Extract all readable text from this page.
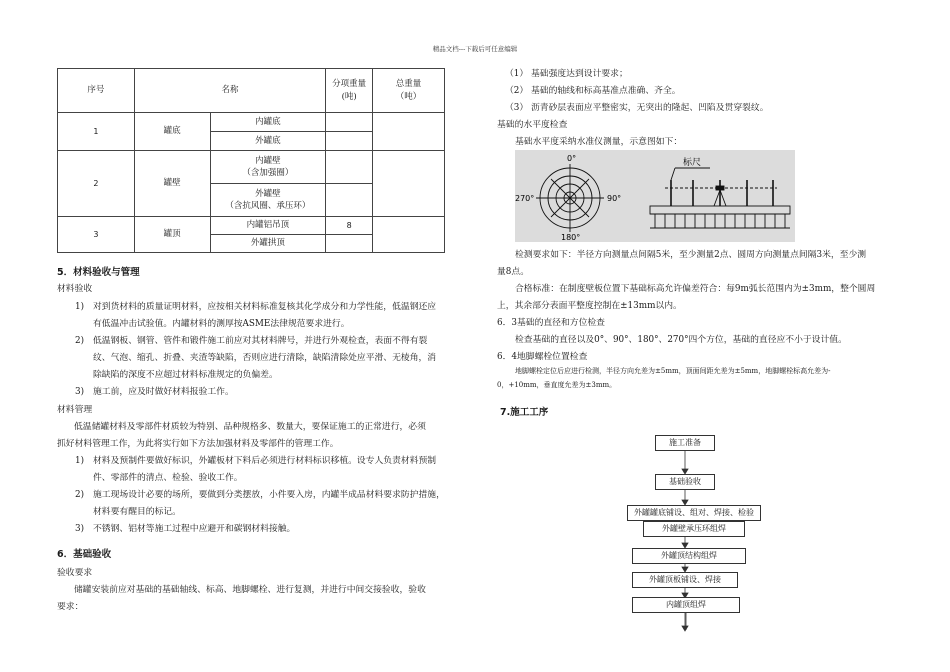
精品文档---下载后可任意编辑
序号	名称		分项重量
(吨)	总重量
（吨）
1	罐底	内罐底		
		外罐底		
2	罐壁	内罐壁
（含加强圈）		
		外罐壁
（含抗风圈、承压环）		
3	罐顶	内罐铝吊顶	8	
		外罐拱顶		
5．材料验收与管理
材料验收
1) 对到货材料的质量证明材料，应按相关材料标准复核其化学成分和力学性能，低温钢还应
有低温冲击试验值。内罐材料的测厚按ASME法律规范要求进行。
2) 低温钢板、钢管、管件和锻件施工前应对其材料牌号，并进行外观检查，表面不得有裂
纹、气泡、缩孔、折叠、夹渣等缺陷，否则应进行清除，缺陷清除处应平滑、无棱角，消
除缺陷的深度不应超过材料标准规定的负偏差。
3) 施工前，应及时做好材料报验工作。
材料管理
低温储罐材料及零部件材质较为特别、品种规格多、数量大，要保证施工的正常进行，必须
抓好材料管理工作，为此将实行如下方法加强材料及零部件的管理工作。
1) 材料及预制件要做好标识，外罐板材下料后必须进行材料标识移植。设专人负责材料预制
件、零部件的清点、检验、验收工作。
2) 施工现场设计必要的场所，要做到分类摆放，小件要入房，内罐半成品材料要求防护措施，
材料要有醒目的标记。
3) 不锈钢、铝材等施工过程中应避开和碳钢材料接触。
6．基础验收
验收要求
储罐安装前应对基础的基础轴线、标高、地脚螺栓、进行复测，并进行中间交接验收，验收
要求：
（1） 基础强度达到设计要求；
（2） 基础的轴线和标高基准点准确、齐全。
（3） 沥青砂层表面应平整密实，无突出的隆起、凹陷及贯穿裂纹。
基础的水平度检查
基础水平度采纳水准仪测量，示意图如下：
0°
90°
180°
270°
标尺
检测要求如下：半径方向测量点间隔5米，至少测量2点、圆周方向测量点间隔3米，至少测
量8点。
合格标准：在制度壁板位置下基础标高允许偏差符合：每9m弧长范围内为±3mm，整个圆周
上，其余部分表面平整度控制在±13mm以内。
6．3基础的直径和方位检查
检查基础的直径以及0°、90°、180°、270°四个方位，基础的直径应不小于设计值。
6．4地脚螺栓位置检查
地脚螺栓定位后应进行检测，半径方向允差为±5mm，顶面间距允差为±5mm，地脚螺栓标高允差为-
0，+10mm，垂直度允差为±3mm。
7.施工工序
施工准备
基础验收
外罐罐底铺设、组对、焊接、检验
外罐壁承压环组焊
外罐顶结构组焊
外罐顶板铺设、焊接
内罐顶组焊
